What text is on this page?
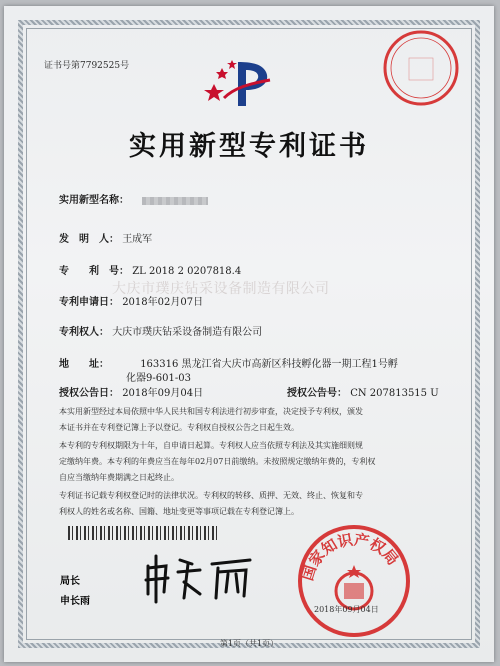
证书号第7792525号
实用新型专利证书
实用新型名称：
发　明　人： 王成军
专　　利　号： ZL 2018 2 0207818.4
专利申请日： 2018年02月07日
专利权人： 大庆市璞庆钻采设备制造有限公司
地　　址：	163316 黑龙江省大庆市高新区科技孵化器一期工程1号孵
化器9-601-03
授权公告日： 2018年09月04日	授权公告号： CN 207813515 U
大庆市璞庆钻采设备制造有限公司
本实用新型经过本局依照中华人民共和国专利法进行初步审查，决定授予专利权，颁发
本证书并在专利登记簿上予以登记。专利权自授权公告之日起生效。
本专利的专利权期限为十年，自申请日起算。专利权人应当依照专利法及其实施细则规
定缴纳年费。本专利的年费应当在每年02月07日前缴纳。未按照规定缴纳年费的，专利权
自应当缴纳年费期满之日起终止。
专利证书记载专利权登记时的法律状况。专利权的转移、质押、无效、终止、恢复和专
利权人的姓名或名称、国籍、地址变更等事项记载在专利登记簿上。
局长
申长雨
国家知识产权局
2018年09月04日
第1页（共1页）
